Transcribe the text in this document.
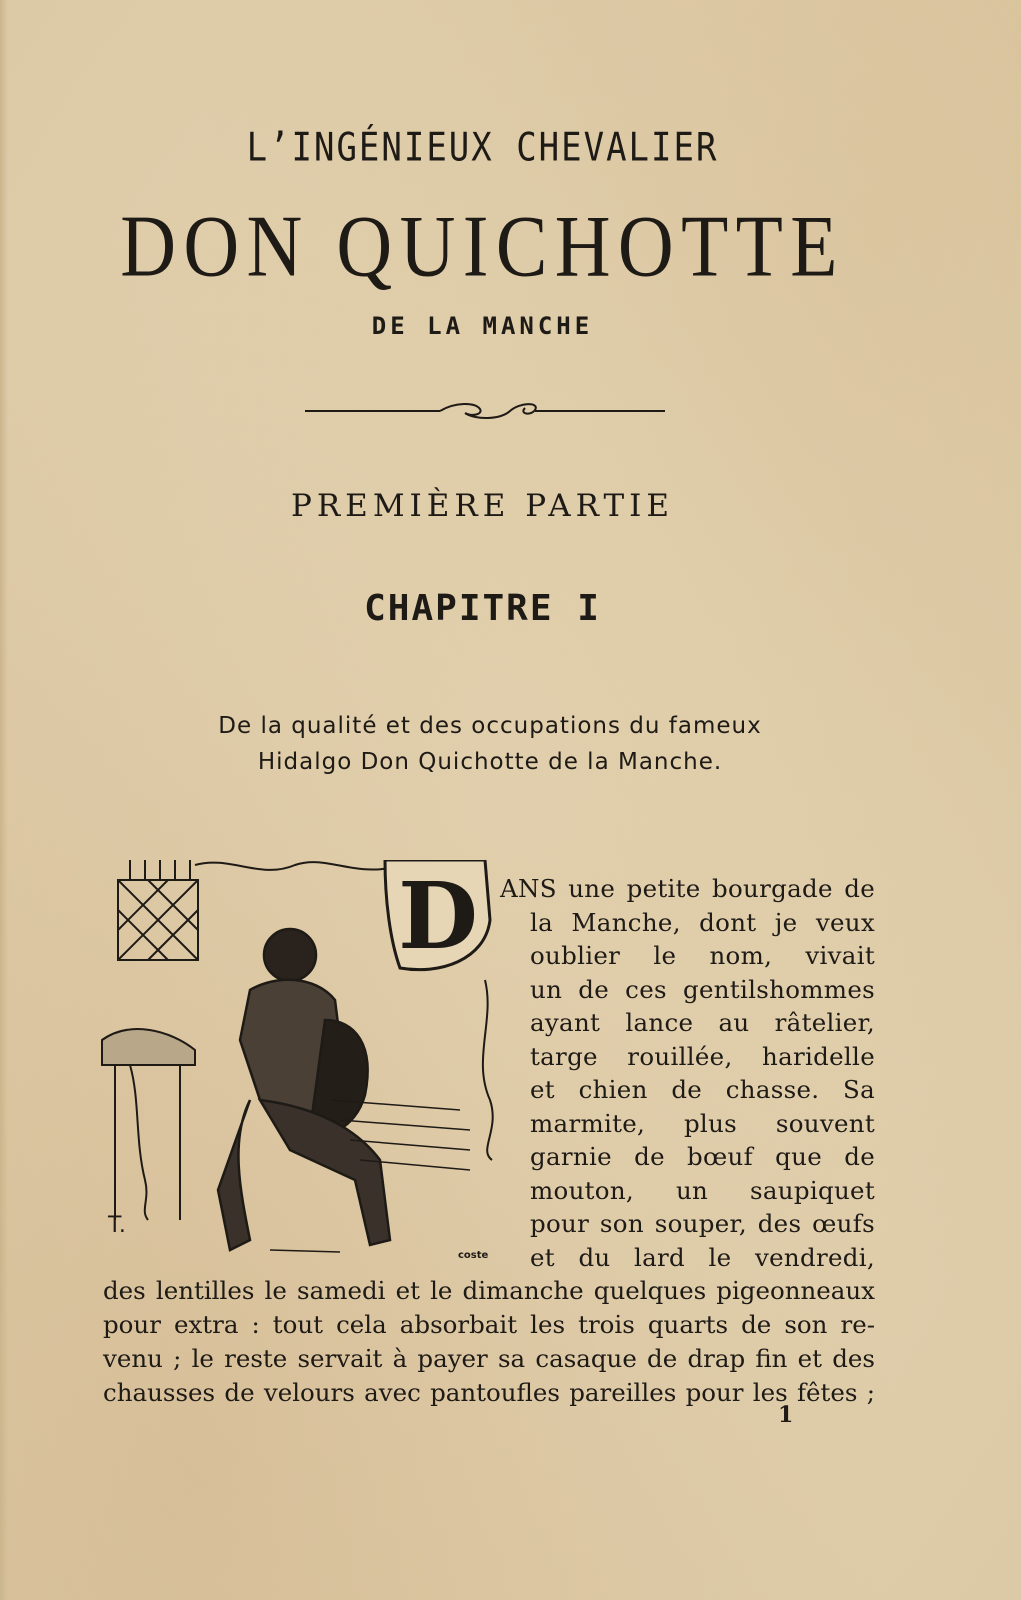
L’INGÉNIEUX CHEVALIER
DON QUICHOTTE
DE LA MANCHE
PREMIÈRE PARTIE
CHAPITRE I
De la qualité et des occupations du fameux
Hidalgo Don Quichotte de la Manche.
D
T.
coste
ANS une petite bourgade de
la Manche, dont je veux
oublier le nom, vivait
un de ces gentilshommes
ayant lance au râtelier,
targe rouillée, haridelle
et chien de chasse. Sa
marmite, plus souvent
garnie de bœuf que de
mouton, un saupiquet
pour son souper, des œufs
et du lard le vendredi,
des lentilles le samedi et le dimanche quelques pigeonneaux
pour extra : tout cela absorbait les trois quarts de son re-
venu ; le reste servait à payer sa casaque de drap fin et des
chausses de velours avec pantoufles pareilles pour les fêtes ;
1
